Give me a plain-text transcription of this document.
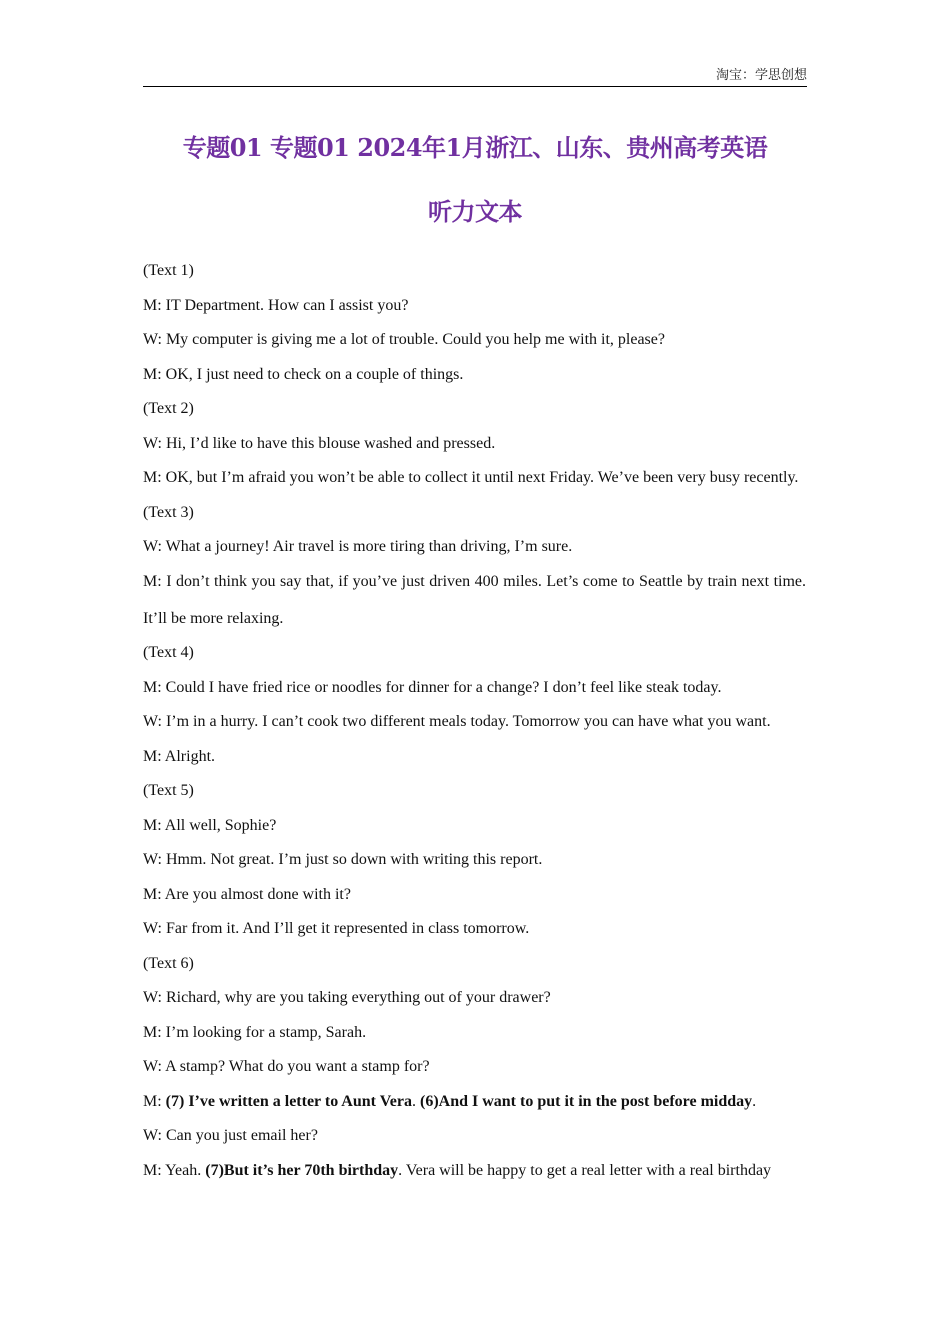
淘宝：学思创想
专题01 专题01 2024年1月浙江、山东、贵州高考英语
听力文本

(Text 1)

M: IT Department. How can I assist you?

W: My computer is giving me a lot of trouble. Could you help me with it, please?

M: OK, I just need to check on a couple of things.

(Text 2)

W: Hi, I’d like to have this blouse washed and pressed.

M: OK, but I’m afraid you won’t be able to collect it until next Friday. We’ve been very busy recently.

(Text 3)

W: What a journey! Air travel is more tiring than driving, I’m sure.

M: I don’t think you say that, if you’ve just driven 400 miles. Let’s come to Seattle by train next time. It’ll be more relaxing.

(Text 4)

M: Could I have fried rice or noodles for dinner for a change? I don’t feel like steak today.

W: I’m in a hurry. I can’t cook two different meals today. Tomorrow you can have what you want.

M: Alright.

(Text 5)

M: All well, Sophie?

W: Hmm. Not great. I’m just so down with writing this report.

M: Are you almost done with it?

W: Far from it. And I’ll get it represented in class tomorrow.

(Text 6)

W: Richard, why are you taking everything out of your drawer?

M: I’m looking for a stamp, Sarah.

W: A stamp? What do you want a stamp for?

M: (7) I’ve written a letter to Aunt Vera. (6)And I want to put it in the post before midday.

W: Can you just email her?

M: Yeah. (7)But it’s her 70th birthday. Vera will be happy to get a real letter with a real birthday
